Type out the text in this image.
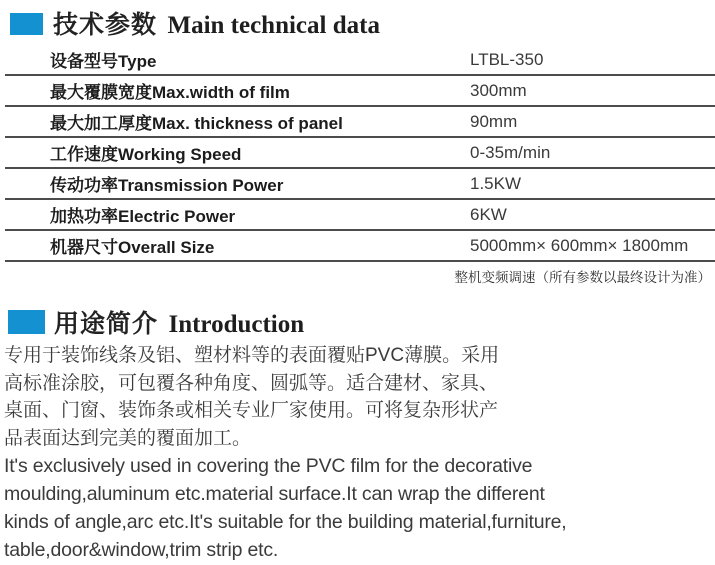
技术参数 Main technical data
设备型号Type	LTBL-350
最大覆膜宽度Max.width of film	300mm
最大加工厚度Max. thickness of panel	90mm
工作速度Working Speed	0-35m/min
传动功率Transmission Power	1.5KW
加热功率Electric Power	6KW
机器尺寸Overall Size	5000mm× 600mm× 1800mm
整机变频调速（所有参数以最终设计为准）
用途简介 Introduction
专用于装饰线条及铝、塑材料等的表面覆贴PVC薄膜。采用
高标准涂胶，可包覆各种角度、圆弧等。适合建材、家具、
桌面、门窗、装饰条或相关专业厂家使用。可将复杂形状产
品表面达到完美的覆面加工。
It's exclusively used in covering the PVC film for the decorative
moulding,aluminum etc.material surface.It can wrap the different
kinds of angle,arc etc.It's suitable for the building material,furniture,
table,door&window,trim strip etc.
